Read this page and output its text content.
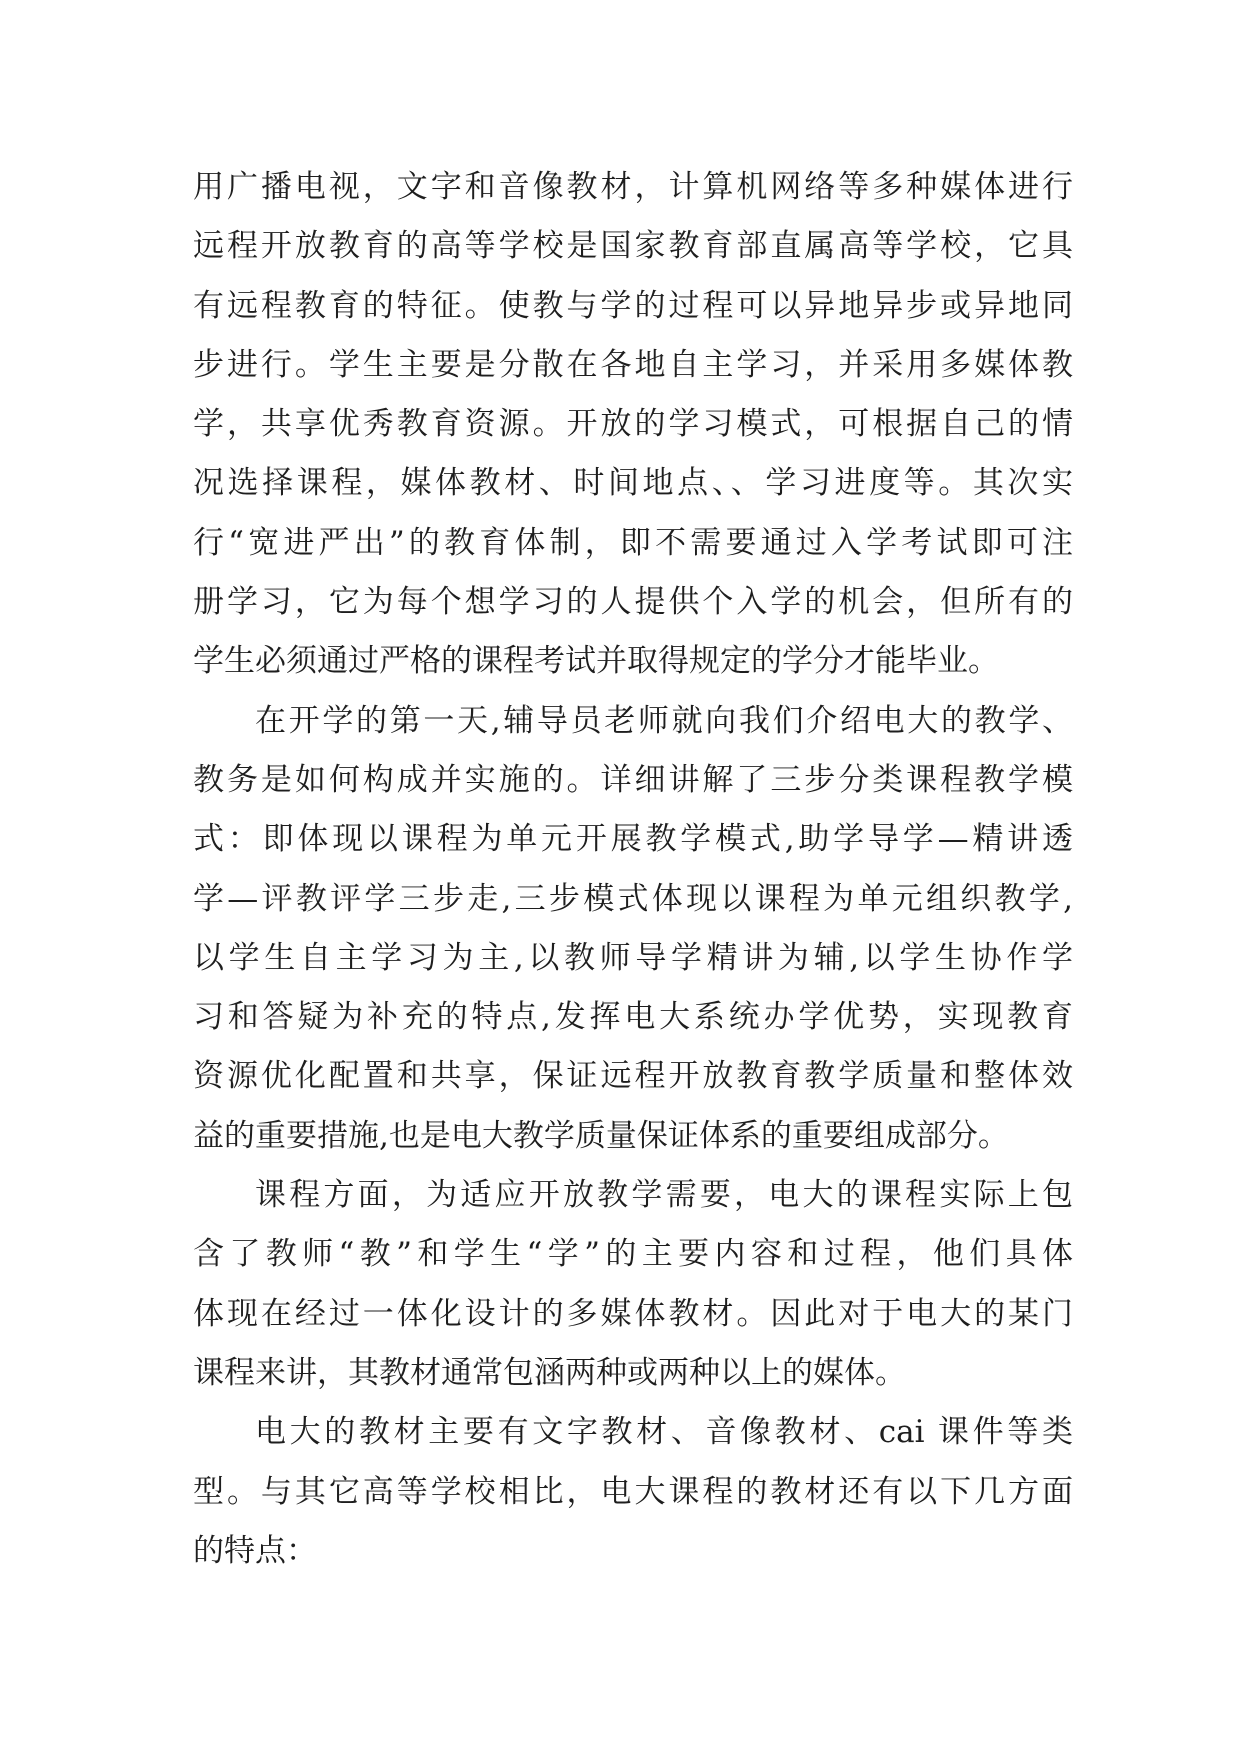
用广播电视，文字和音像教材，计算机网络等多种媒体进行
远程开放教育的高等学校是国家教育部直属高等学校，它具
有远程教育的特征。使教与学的过程可以异地异步或异地同
步进行。学生主要是分散在各地自主学习，并采用多媒体教
学，共享优秀教育资源。开放的学习模式，可根据自己的情
况选择课程，媒体教材、时间地点、、学习进度等。其次实
行“宽进严出”的教育体制，即不需要通过入学考试即可注
册学习，它为每个想学习的人提供个入学的机会，但所有的
学生必须通过严格的课程考试并取得规定的学分才能毕业。
在开学的第一天,辅导员老师就向我们介绍电大的教学、
教务是如何构成并实施的。详细讲解了三步分类课程教学模
式：即体现以课程为单元开展教学模式,助学导学—精讲透
学—评教评学三步走,三步模式体现以课程为单元组织教学,
以学生自主学习为主,以教师导学精讲为辅,以学生协作学
习和答疑为补充的特点,发挥电大系统办学优势，实现教育
资源优化配置和共享，保证远程开放教育教学质量和整体效
益的重要措施,也是电大教学质量保证体系的重要组成部分。
课程方面，为适应开放教学需要，电大的课程实际上包
含了教师“教”和学生“学”的主要内容和过程，他们具体
体现在经过一体化设计的多媒体教材。因此对于电大的某门
课程来讲，其教材通常包涵两种或两种以上的媒体。
电大的教材主要有文字教材、音像教材、cai 课件等类
型。与其它高等学校相比，电大课程的教材还有以下几方面
的特点：
